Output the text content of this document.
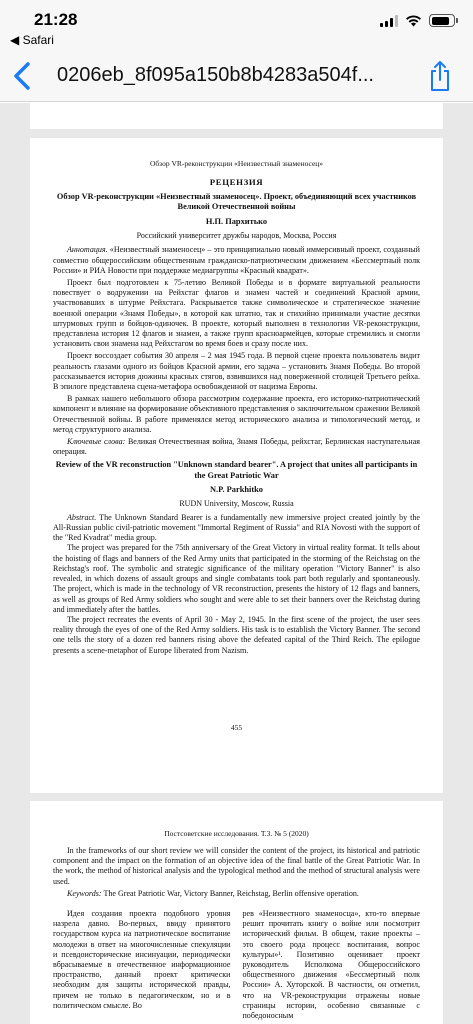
21:28
◀ Safari
0206eb_8f095a150b8b4283a504f...
Обзор VR-реконструкции «Неизвестный знаменосец»
РЕЦЕНЗИЯ
Обзор VR-реконструкции «Неизвестный знаменосец». Проект, объединяющий всех участников Великой Отечественной войны
Н.П. Пархитько
Российский университет дружбы народов, Москва, Россия

Аннотация. «Неизвестный знаменосец» – это принципиально новый иммерсивный проект, созданный совместно общероссийским общественным гражданско-патриотическим движением «Бессмертный полк России» и РИА Новости при поддержке медиагруппы «Красный квадрат».

Проект был подготовлен к 75-летию Великой Победы и в формате виртуальной реальности повествует о водружении на Рейхстаг флагов и знамен частей и соединений Красной армии, участвовавших в штурме Рейхстага. Раскрывается также символическое и стратегическое значение военной операции «Знамя Победы», в которой как штатно, так и стихийно принимали участие десятки штурмовых групп и бойцов-одиночек. В проекте, который выполнен в технологии VR-реконструкции, представлена история 12 флагов и знамен, а также групп красноармейцев, которые стремились и смогли установить свои знамена над Рейхстагом во время боев и сразу после них.

Проект воссоздает события 30 апреля – 2 мая 1945 года. В первой сцене проекта пользователь видит реальность глазами одного из бойцов Красной армии, его задача – установить Знамя Победы. Во второй рассказывается история дюжины красных стягов, взвившихся над поверженной столицей Третьего рейха. В эпилоге представлена сцена-метафора освобожденной от нацизма Европы.

В рамках нашего небольшого обзора рассмотрим содержание проекта, его историко-патриотический компонент и влияние на формирование объективного представления о заключительном сражении Великой Отечественной войны. В работе применялся метод исторического анализа и типологический метод, и метод структурного анализа.

Ключевые слова: Великая Отечественная война, Знамя Победы, рейхстаг, Берлинская наступательная операция.

Review of the VR reconstruction "Unknown standard bearer". A project that unites all participants in the Great Patriotic War
N.P. Parkhitko
RUDN University, Moscow, Russia

Abstract. The Unknown Standard Bearer is a fundamentally new immersive project created jointly by the All-Russian public civil-patriotic movement "Immortal Regiment of Russia" and RIA Novosti with the support of the "Red Kvadrat" media group.

The project was prepared for the 75th anniversary of the Great Victory in virtual reality format. It tells about the hoisting of flags and banners of the Red Army units that participated in the storming of the Reichstag on the Reichstag's roof. The symbolic and strategic significance of the military operation "Victory Banner" is also revealed, in which dozens of assault groups and single combatants took part both regularly and spontaneously. The project, which is made in the technology of VR reconstruction, presents the history of 12 flags and banners, as well as groups of Red Army soldiers who sought and were able to set their banners over the Reichstag during and immediately after the battles.

The project recreates the events of April 30 - May 2, 1945. In the first scene of the project, the user sees reality through the eyes of one of the Red Army soldiers. His task is to establish the Victory Banner. The second one tells the story of a dozen red banners rising above the defeated capital of the Third Reich. The epilogue presents a scene-metaphor of Europe liberated from Nazism.

455
Постсоветские исследования. Т.3. № 5 (2020)

In the frameworks of our short review we will consider the content of the project, its historical and patriotic component and the impact on the formation of an objective idea of the final battle of the Great Patriotic War. In the work, the method of historical analysis and the typological method and the method of structural analysis were used.

Keywords: The Great Patriotic War, Victory Banner, Reichstag, Berlin offensive operation.

Идея создания проекта подобного уровня назрела давно. Во-первых, ввиду принятого государством курса на патриотическое воспитание молодежи в ответ на многочисленные спекуляции и псевдоисторические инсинуации, периодически вбрасываемые в отечественное информационное пространство, данный проект критически необходим для защиты исторической правды, причем не только в педагогическом, но и в политическом смысле. Во

рев «Неизвестного знаменосца», кто-то впервые решит прочитать книгу о войне или посмотрит исторический фильм. В общем, такие проекты – это своего рода процесс воспитания, вопрос культуры»¹. Позитивно оценивает проект руководитель Исполкома Общероссийского общественного движения «Бессмертный полк России» А. Хуторской. В частности, он отметил, что на VR-реконструкции отражены новые страницы истории, особенно связанные с победоносным
